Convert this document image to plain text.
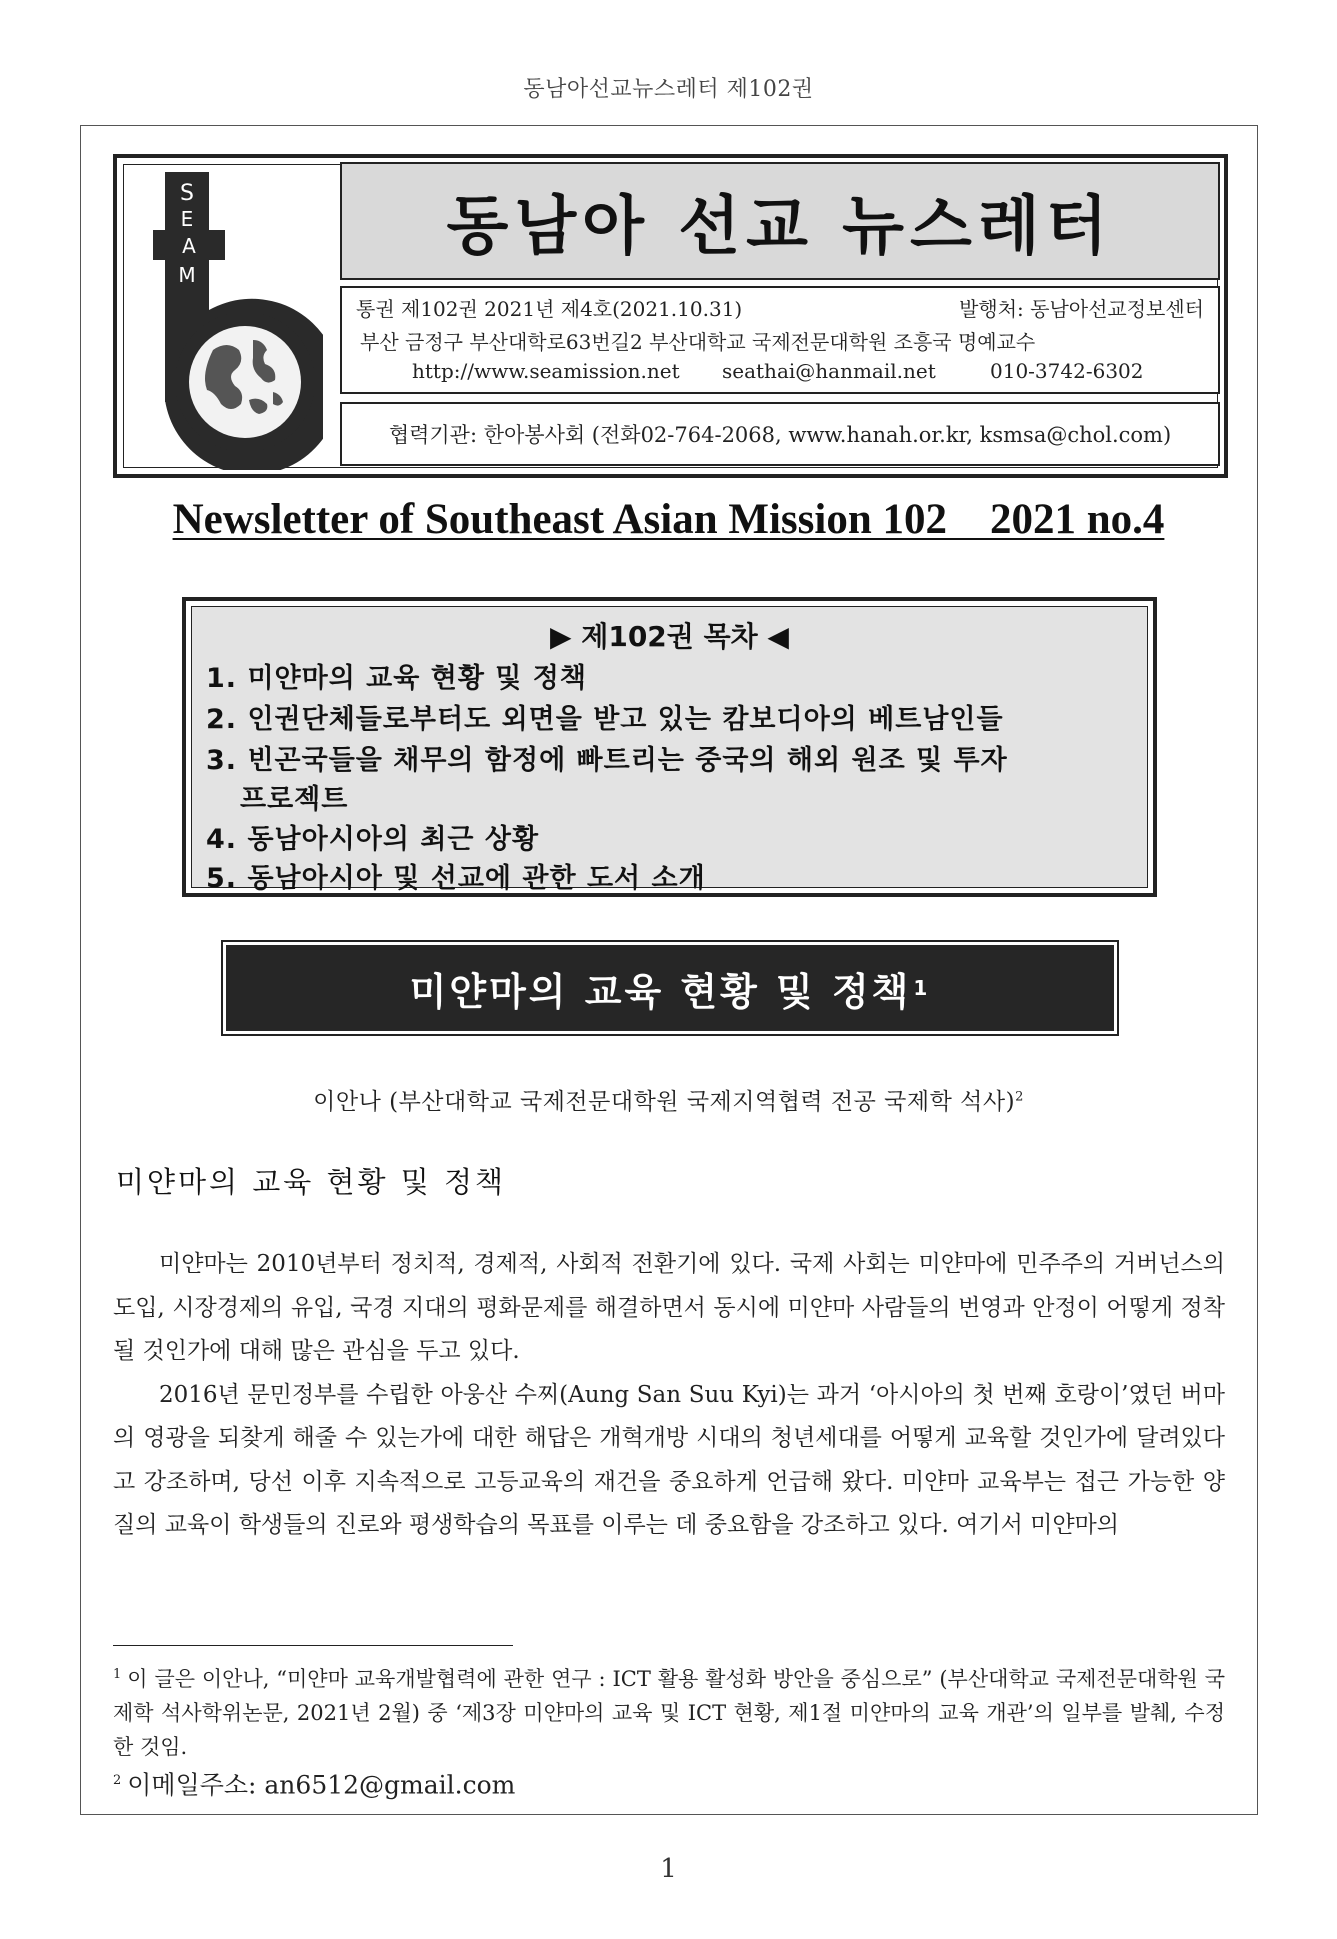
동남아선교뉴스레터 제102권
S
E
A
M
동남아 선교 뉴스레터
통권 제102권 2021년 제4호(2021.10.31)	발행처: 동남아선교정보센터
부산 금정구 부산대학로63번길2 부산대학교 국제전문대학원 조흥국 명예교수
http://www.seamission.net seathai@hanmail.net	010-3742-6302
협력기관: 한아봉사회 (전화02-764-2068, www.hanah.or.kr, ksmsa@chol.com)
Newsletter of Southeast Asian Mission 102    2021 no.4
▶ 제102권 목차 ◀
1. 미얀마의 교육 현황 및 정책
2. 인권단체들로부터도 외면을 받고 있는 캄보디아의 베트남인들
3. 빈곤국들을 채무의 함정에 빠트리는 중국의 해외 원조 및 투자
프로젝트
4. 동남아시아의 최근 상황
5. 동남아시아 및 선교에 관한 도서 소개
미얀마의 교육 현황 및 정책 1
이안나 (부산대학교 국제전문대학원 국제지역협력 전공 국제학 석사)$^2$
미얀마의 교육 현황 및 정책

미얀마는 2010년부터 정치적, 경제적, 사회적 전환기에 있다. 국제 사회는 미얀마에 민주주의 거버넌스의 도입, 시장경제의 유입, 국경 지대의 평화문제를 해결하면서 동시에 미얀마 사람들의 번영과 안정이 어떻게 정착될 것인가에 대해 많은 관심을 두고 있다.

2016년 문민정부를 수립한 아웅산 수찌(Aung San Suu Kyi)는 과거 ‘아시아의 첫 번째 호랑이’였던 버마의 영광을 되찾게 해줄 수 있는가에 대한 해답은 개혁개방 시대의 청년세대를 어떻게 교육할 것인가에 달려있다고 강조하며, 당선 이후 지속적으로 고등교육의 재건을 중요하게 언급해 왔다. 미얀마 교육부는 접근 가능한 양질의 교육이 학생들의 진로와 평생학습의 목표를 이루는 데 중요함을 강조하고 있다. 여기서 미얀마의

$^1$ 이 글은 이안나, “미얀마 교육개발협력에 관한 연구 : ICT 활용 활성화 방안을 중심으로” (부산대학교 국제전문대학원 국제학 석사학위논문, 2021년 2월) 중 ‘제3장 미얀마의 교육 및 ICT 현황, 제1절 미얀마의 교육 개관’의 일부를 발췌, 수정한 것임.

$^2$ 이메일주소: an6512@gmail.com

1
